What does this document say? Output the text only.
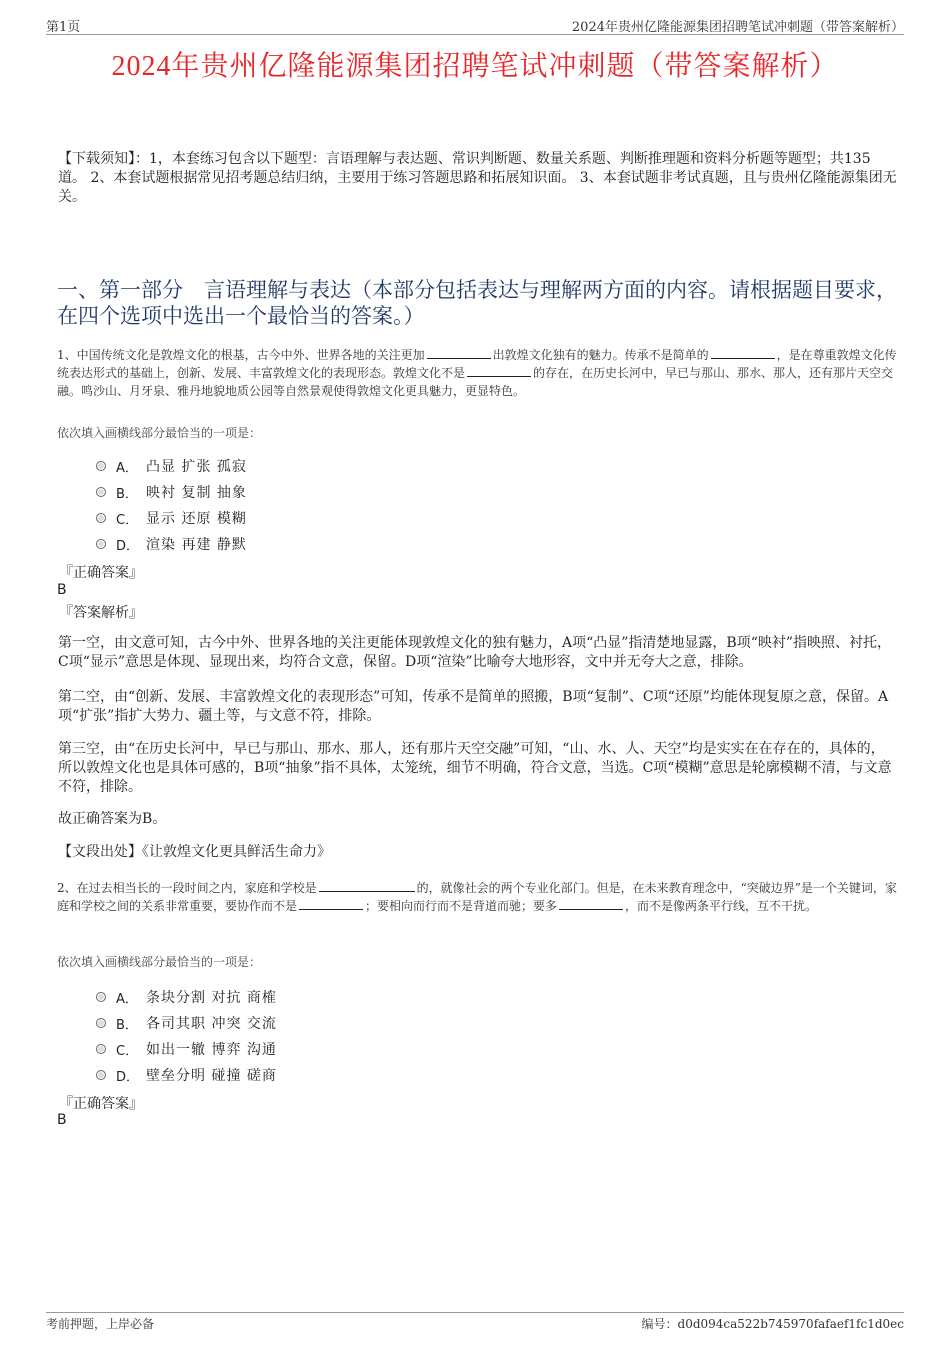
第1页	2024年贵州亿隆能源集团招聘笔试冲刺题（带答案解析）
2024年贵州亿隆能源集团招聘笔试冲刺题（带答案解析）
【下载须知】：1，本套练习包含以下题型：言语理解与表达题、常识判断题、数量关系题、判断推理题和资料分析题等题型；共135道。 2、本套试题根据常见招考题总结归纳，主要用于练习答题思路和拓展知识面。 3、本套试题非考试真题，且与贵州亿隆能源集团无关。
一、第一部分　言语理解与表达（本部分包括表达与理解两方面的内容。请根据题目要求，在四个选项中选出一个最恰当的答案。）
1、中国传统文化是敦煌文化的根基，古今中外、世界各地的关注更加	出敦煌文化独有的魅力。传承不是简单的	，是在尊重敦煌文化传统表达形式的基础上，创新、发展、丰富敦煌文化的表现形态。敦煌文化不是	的存在，在历史长河中，早已与那山、那水、那人，还有那片天空交融。鸣沙山、月牙泉、雅丹地貌地质公园等自然景观使得敦煌文化更具魅力，更显特色。
依次填入画横线部分最恰当的一项是：
A． 凸显 扩张 孤寂
B． 映衬 复制 抽象
C． 显示 还原 模糊
D． 渲染 再建 静默
『正确答案』
B
『答案解析』
第一空，由文意可知，古今中外、世界各地的关注更能体现敦煌文化的独有魅力，A项“凸显”指清楚地显露，B项“映衬”指映照、衬托，C项“显示”意思是体现、显现出来，均符合文意，保留。D项“渲染”比喻夸大地形容，文中并无夸大之意，排除。
第二空，由“创新、发展、丰富敦煌文化的表现形态”可知，传承不是简单的照搬，B项“复制”、C项“还原”均能体现复原之意，保留。A项“扩张”指扩大势力、疆土等，与文意不符，排除。
第三空，由“在历史长河中，早已与那山、那水、那人，还有那片天空交融”可知，“山、水、人、天空”均是实实在在存在的，具体的，所以敦煌文化也是具体可感的，B项“抽象”指不具体，太笼统，细节不明确，符合文意，当选。C项“模糊”意思是轮廓模糊不清，与文意不符，排除。
故正确答案为B。
【文段出处】《让敦煌文化更具鲜活生命力》
2、在过去相当长的一段时间之内，家庭和学校是	的，就像社会的两个专业化部门。但是，在未来教育理念中，“突破边界”是一个关键词，家庭和学校之间的关系非常重要，要协作而不是	；要相向而行而不是背道而驰；要多	，而不是像两条平行线，互不干扰。
依次填入画横线部分最恰当的一项是：
A． 条块分割 对抗 商榷
B． 各司其职 冲突 交流
C． 如出一辙 博弈 沟通
D． 壁垒分明 碰撞 磋商
『正确答案』
B
考前押题，上岸必备	编号：d0d094ca522b745970fafaef1fc1d0ec
